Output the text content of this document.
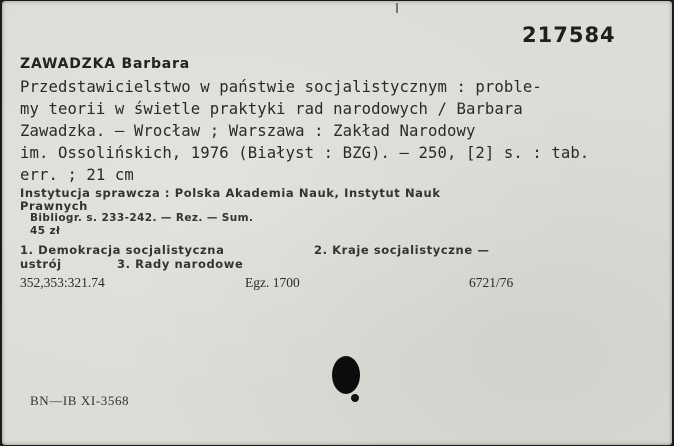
217584
ZAWADZKA Barbara
Przedstawicielstwo w państwie socjalistycznym : proble-
my teorii w świetle praktyki rad narodowych / Barbara
Zawadzka. – Wrocław ; Warszawa : Zakład Narodowy
im. Ossolińskich, 1976 (Białyst : BZG). – 250, [2] s. : tab.
err. ; 21 cm
Instytucja sprawcza : Polska Akademia Nauk, Instytut Nauk
Prawnych
Bibliogr. s. 233-242. — Rez. — Sum.
45 zł
1. Demokracja socjalistyczna	2. Kraje socjalistyczne —
ustrój	3. Rady narodowe
352,353:321.74	Egz. 1700	6721/76
BN—IB XI-3568
